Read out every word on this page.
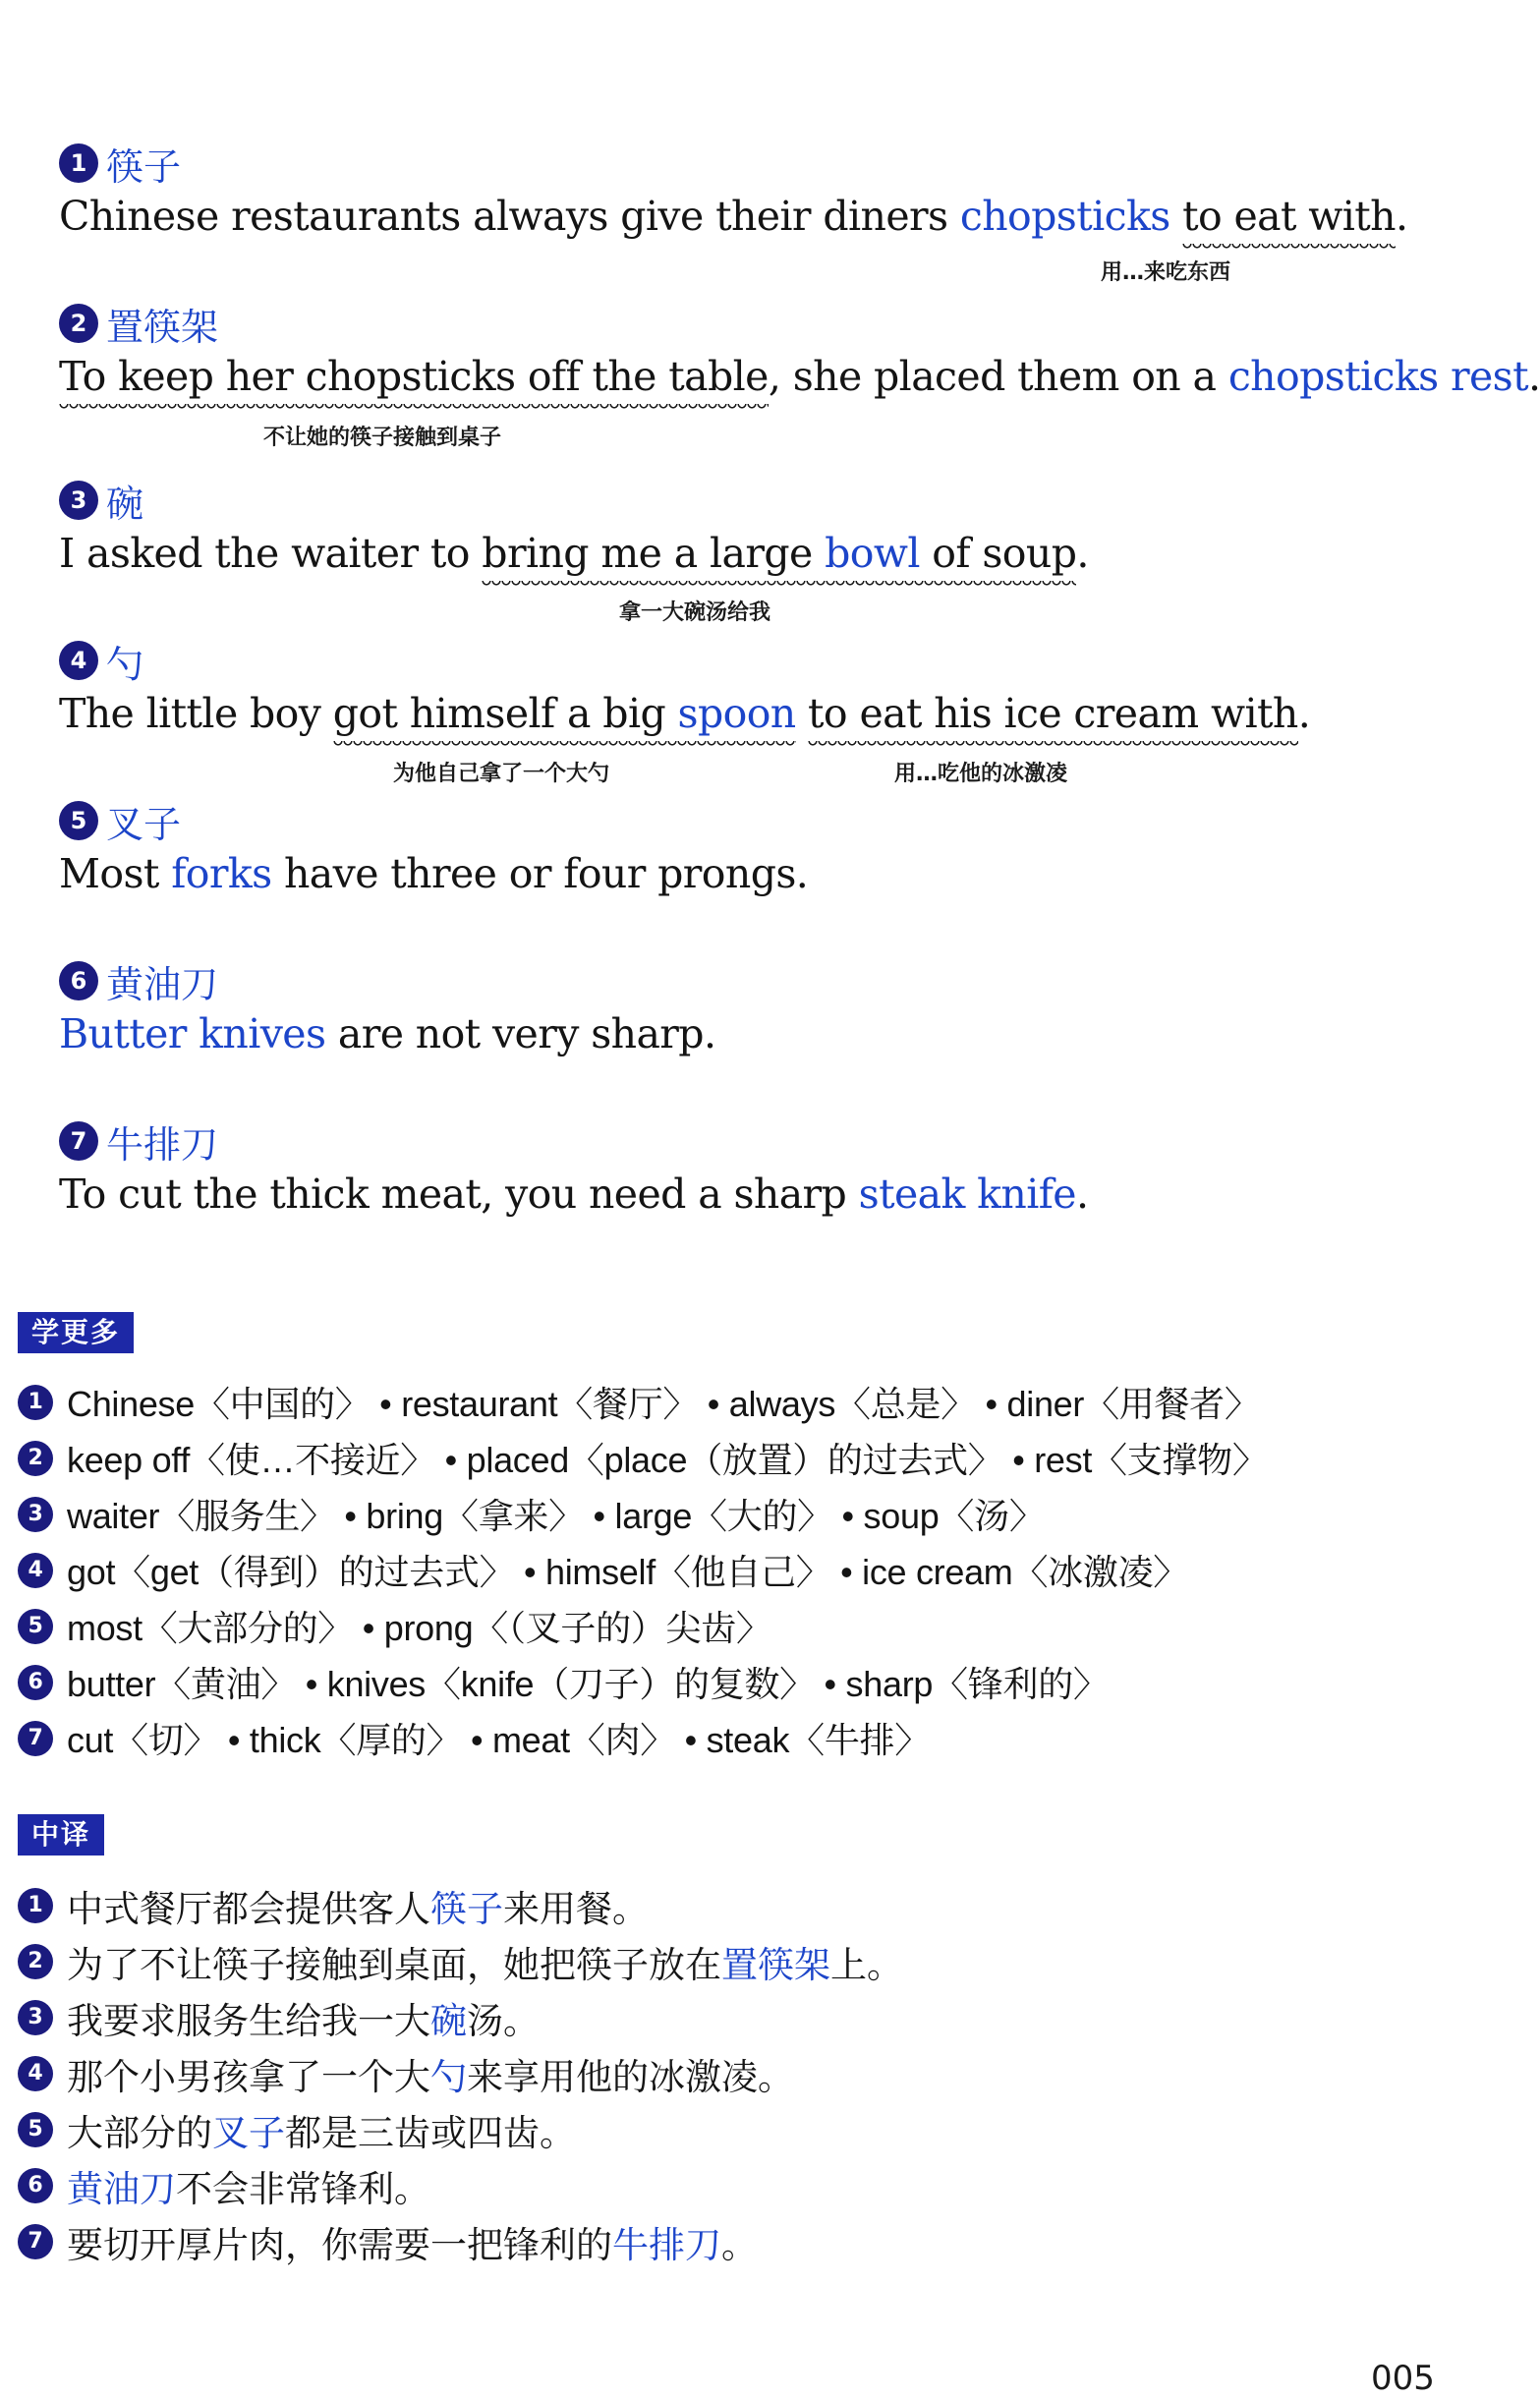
1 筷子
Chinese restaurants always give their diners chopsticks to eat with.
用…来吃东西
2 置筷架
To keep her chopsticks off the table, she placed them on a chopsticks rest.
不让她的筷子接触到桌子
3 碗
I asked the waiter to bring me a large bowl of soup.
拿一大碗汤给我
4 勺
The little boy got himself a big spoon to eat his ice cream with.
为他自己拿了一个大勺	用…吃他的冰激凌
5 叉子
Most forks have three or four prongs.
6 黄油刀
Butter knives are not very sharp.
7 牛排刀
To cut the thick meat, you need a sharp steak knife.
学更多
1 Chinese〈中国的〉 • restaurant〈餐厅〉 • always〈总是〉 • diner〈用餐者〉
2 keep off〈使…不接近〉 • placed〈place（放置）的过去式〉 • rest〈支撑物〉
3 waiter〈服务生〉 • bring〈拿来〉 • large〈大的〉 • soup〈汤〉
4 got〈get（得到）的过去式〉 • himself〈他自己〉 • ice cream〈冰激凌〉
5 most〈大部分的〉 • prong〈（叉子的）尖齿〉
6 butter〈黄油〉 • knives〈knife（刀子）的复数〉 • sharp〈锋利的〉
7 cut〈切〉 • thick〈厚的〉 • meat〈肉〉 • steak〈牛排〉
中译
1 中式餐厅都会提供客人 筷子 来用餐。
2 为了不让筷子接触到桌面，她把筷子放在 置筷架 上。
3 我要求服务生给我一大 碗 汤。
4 那个小男孩拿了一个大 勺 来享用他的冰激凌。
5 大部分的 叉子 都是三齿或四齿。
6 黄油刀 不会非常锋利。
7 要切开厚片肉，你需要一把锋利的 牛排刀 。
005
